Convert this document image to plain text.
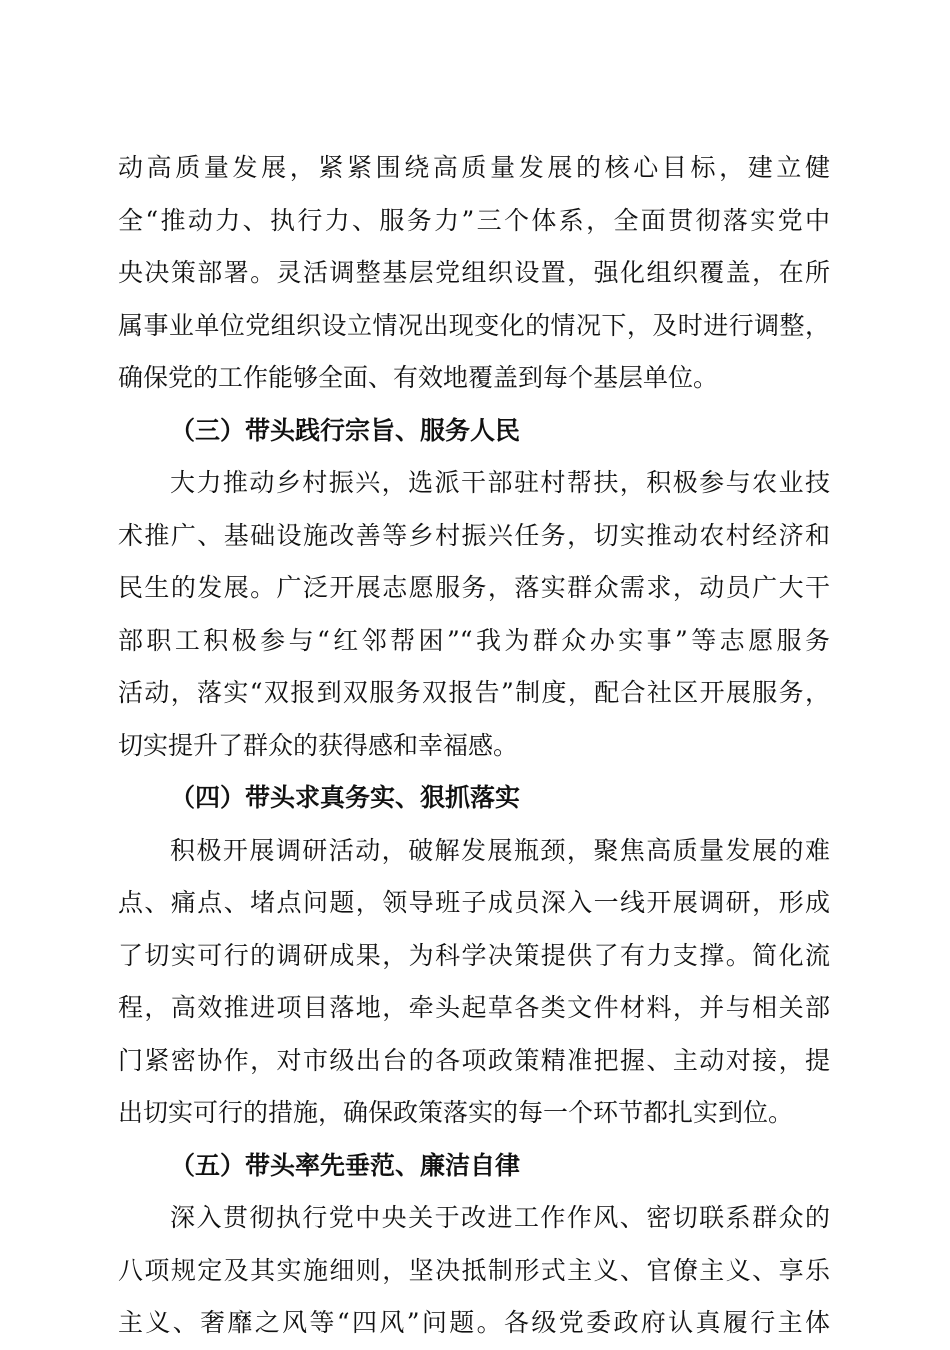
动高质量发展，紧紧围绕高质量发展的核心目标，建立健
全“推动力、执行力、服务力”三个体系，全面贯彻落实党中
央决策部署。灵活调整基层党组织设置，强化组织覆盖，在所
属事业单位党组织设立情况出现变化的情况下，及时进行调整，
确保党的工作能够全面、有效地覆盖到每个基层单位。
（三）带头践行宗旨、服务人民
大力推动乡村振兴，选派干部驻村帮扶，积极参与农业技
术推广、基础设施改善等乡村振兴任务，切实推动农村经济和
民生的发展。广泛开展志愿服务，落实群众需求，动员广大干
部职工积极参与“红邻帮困”“我为群众办实事”等志愿服务
活动，落实“双报到双服务双报告”制度，配合社区开展服务，
切实提升了群众的获得感和幸福感。
（四）带头求真务实、狠抓落实
积极开展调研活动，破解发展瓶颈，聚焦高质量发展的难
点、痛点、堵点问题，领导班子成员深入一线开展调研，形成
了切实可行的调研成果，为科学决策提供了有力支撑。简化流
程，高效推进项目落地，牵头起草各类文件材料，并与相关部
门紧密协作，对市级出台的各项政策精准把握、主动对接，提
出切实可行的措施，确保政策落实的每一个环节都扎实到位。
（五）带头率先垂范、廉洁自律
深入贯彻执行党中央关于改进工作作风、密切联系群众的
八项规定及其实施细则，坚决抵制形式主义、官僚主义、享乐
主义、奢靡之风等“四风”问题。各级党委政府认真履行主体
